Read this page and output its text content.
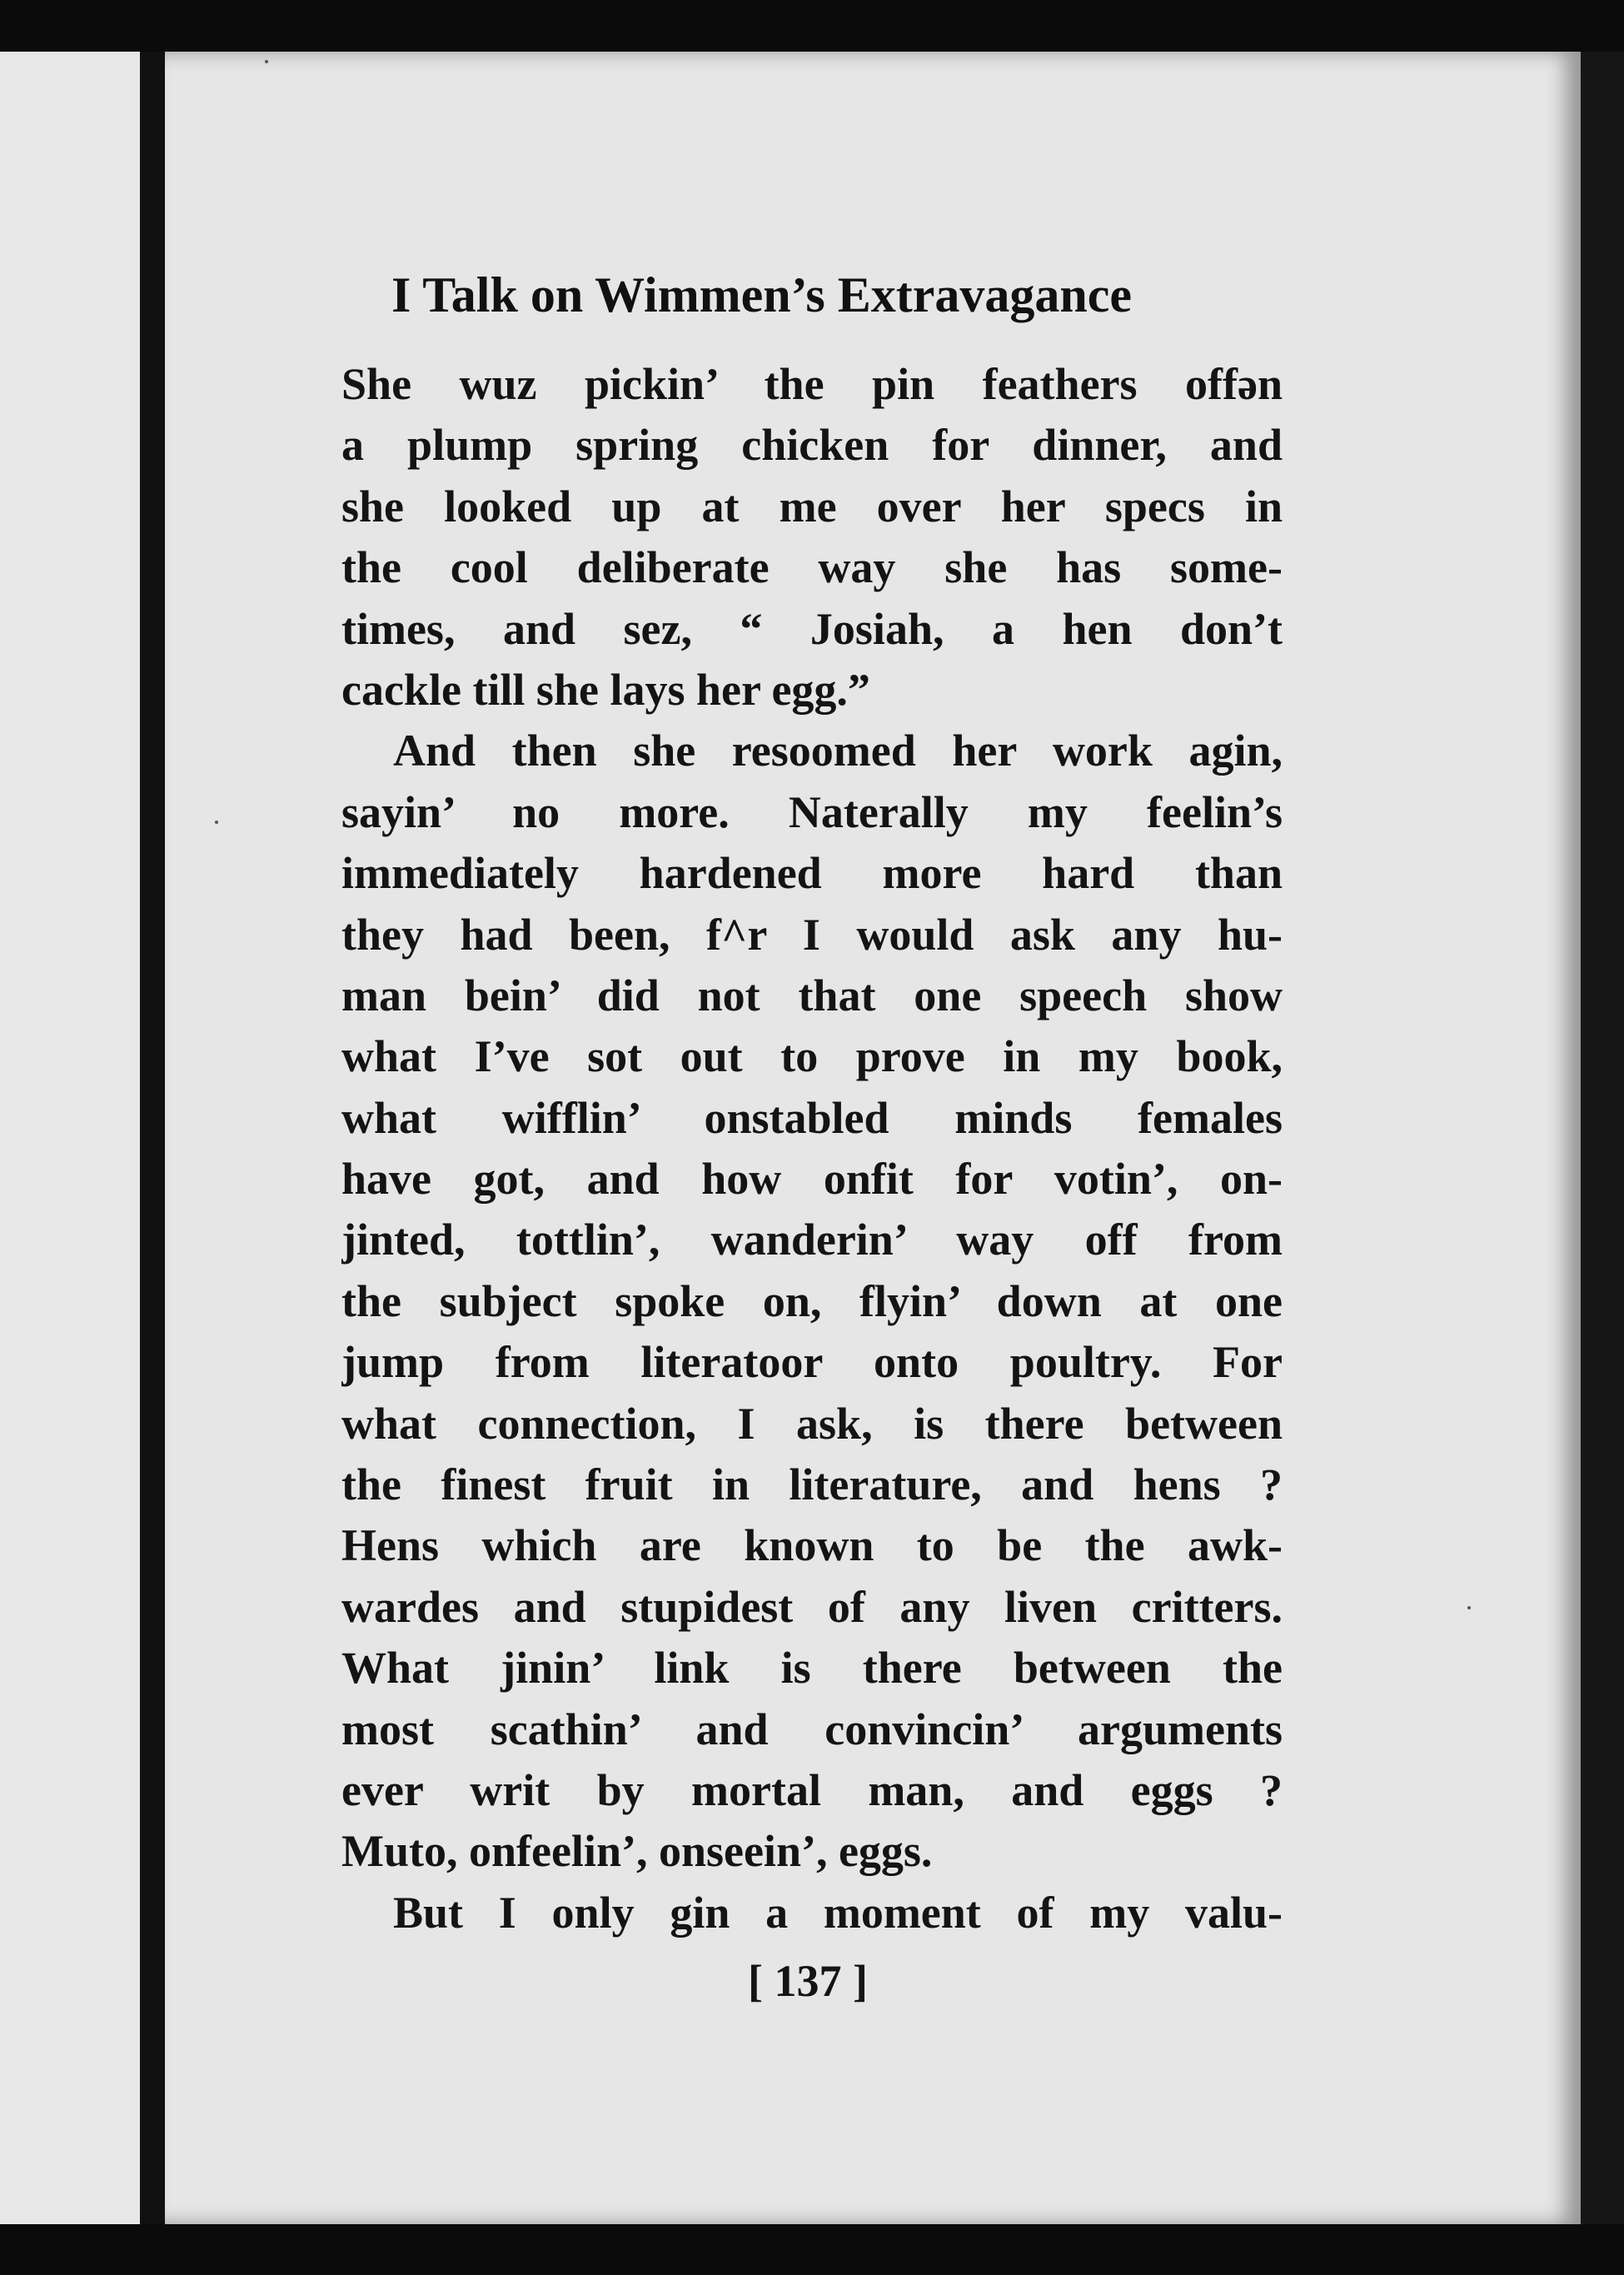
I Talk on Wimmen’s Extravagance
She wuz pickin’ the pin feathers offən
a plump spring chicken for dinner, and
she looked up at me over her specs in
the cool deliberate way she has some-
times, and sez, “ Josiah, a hen don’t
cackle till she lays her egg.”
And then she resoomed her work agin,
sayin’ no more. Naterally my feelin’s
immediately hardened more hard than
they had been, f^r I would ask any hu-
man bein’ did not that one speech show
what I’ve sot out to prove in my book,
what wifflin’ onstabled minds females
have got, and how onfit for votin’, on-
jinted, tottlin’, wanderin’ way off from
the subject spoke on, flyin’ down at one
jump from literatoor onto poultry. For
what connection, I ask, is there between
the finest fruit in literature, and hens ?
Hens which are known to be the awk-
wardes and stupidest of any liven critters.
What jinin’ link is there between the
most scathin’ and convincin’ arguments
ever writ by mortal man, and eggs ?
Muto, onfeelin’, onseein’, eggs.
But I only gin a moment of my valu-
[ 137 ]
